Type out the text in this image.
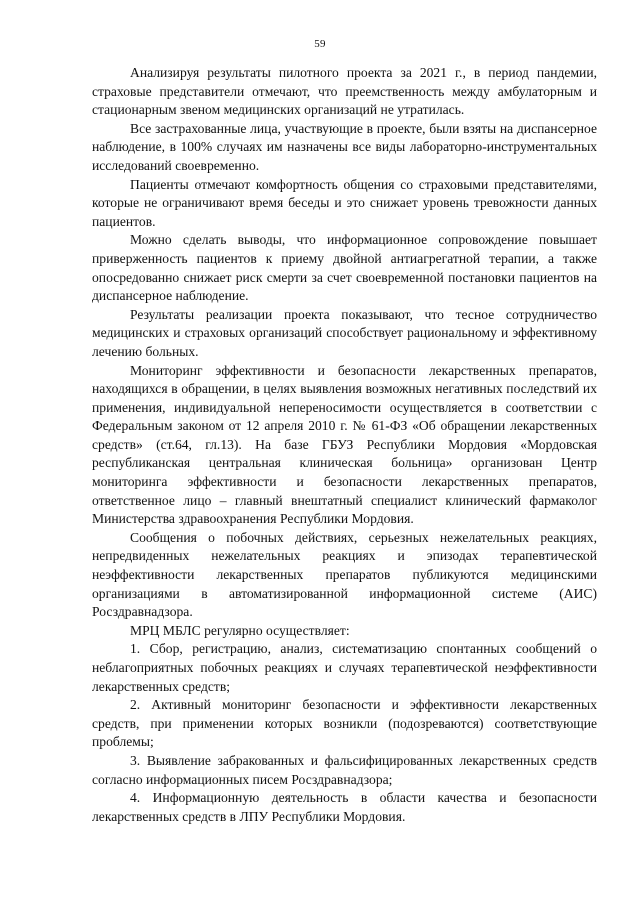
59

Анализируя результаты пилотного проекта за 2021 г., в период пандемии, страховые представители отмечают, что преемственность между амбулаторным и стационарным звеном медицинских организаций не утратилась.

Все застрахованные лица, участвующие в проекте, были взяты на диспансерное наблюдение, в 100% случаях им назначены все виды лабораторно-инструментальных исследований своевременно.

Пациенты отмечают комфортность общения со страховыми представителями, которые не ограничивают время беседы и это снижает уровень тревожности данных пациентов.

Можно сделать выводы, что информационное сопровождение повышает приверженность пациентов к приему двойной антиагрегатной терапии, а также опосредованно снижает риск смерти за счет своевременной постановки пациентов на диспансерное наблюдение.

Результаты реализации проекта показывают, что тесное сотрудничество медицинских и страховых организаций способствует рациональному и эффективному лечению больных.

Мониторинг эффективности и безопасности лекарственных препаратов, находящихся в обращении, в целях выявления возможных негативных последствий их применения, индивидуальной непереносимости осуществляется в соответствии с Федеральным законом от 12 апреля 2010 г. № 61-ФЗ «Об обращении лекарственных средств» (ст.64, гл.13). На базе ГБУЗ Республики Мордовия «Мордовская республиканская центральная клиническая больница» организован Центр мониторинга эффективности и безопасности лекарственных препаратов, ответственное лицо – главный внештатный специалист клинический фармаколог Министерства здравоохранения Республики Мордовия.

Сообщения о побочных действиях, серьезных нежелательных реакциях, непредвиденных нежелательных реакциях и эпизодах терапевтической неэффективности лекарственных препаратов публикуются медицинскими организациями в автоматизированной информационной системе (АИС) Росздравнадзора.

МРЦ МБЛС регулярно осуществляет:

1. Сбор, регистрацию, анализ, систематизацию спонтанных сообщений о неблагоприятных побочных реакциях и случаях терапевтической неэффективности лекарственных средств;

2. Активный мониторинг безопасности и эффективности лекарственных средств, при применении которых возникли (подозреваются) соответствующие проблемы;

3. Выявление забракованных и фальсифицированных лекарственных средств согласно информационных писем Росздравнадзора;

4. Информационную деятельность в области качества и безопасности лекарственных средств в ЛПУ Республики Мордовия.
